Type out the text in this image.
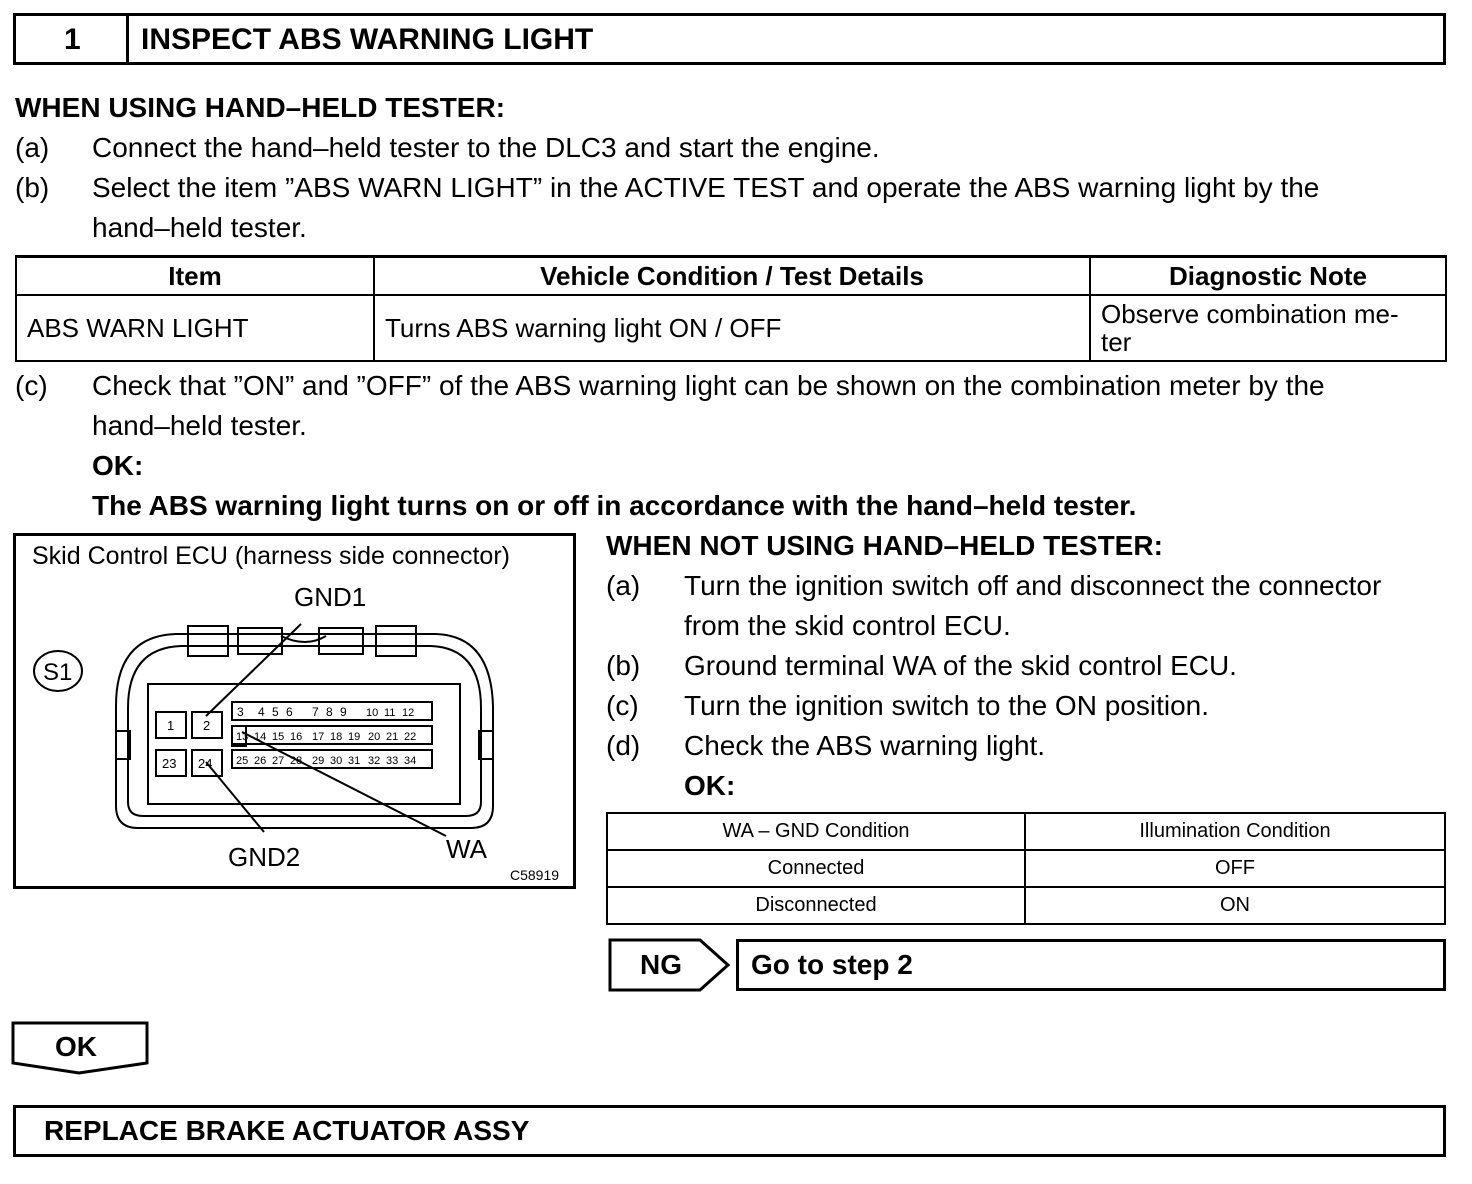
1 INSPECT ABS WARNING LIGHT
WHEN USING HAND–HELD TESTER:
(a)	Connect the hand–held tester to the DLC3 and start the engine.
(b)	Select the item ”ABS WARN LIGHT” in the ACTIVE TEST and operate the ABS warning light by the
hand–held tester.
Item	Vehicle Condition / Test Details	Diagnostic Note
ABS WARN LIGHT	Turns ABS warning light ON / OFF	Observe combination me-
ter
(c)	Check that ”ON” and ”OFF” of the ABS warning light can be shown on the combination meter by the
hand–held tester.
OK:
The ABS warning light turns on or off in accordance with the hand–held tester.
Skid Control ECU (harness side connector)
1 2
23 24
3 4 5 6 7 8 9 10 11 12
13 14 15 16 17 18 19 20 21 22
25 26 27 28 29 30 31 32 33 34
S1
GND1
GND2	WA
C58919
WHEN NOT USING HAND–HELD TESTER:
(a)	Turn the ignition switch off and disconnect the connector
from the skid control ECU.
(b)	Ground terminal WA of the skid control ECU.
(c)	Turn the ignition switch to the ON position.
(d)	Check the ABS warning light.
OK:
WA – GND Condition	Illumination Condition
Connected	OFF
Disconnected	ON
NG Go to step 2
OK
REPLACE BRAKE ACTUATOR ASSY
